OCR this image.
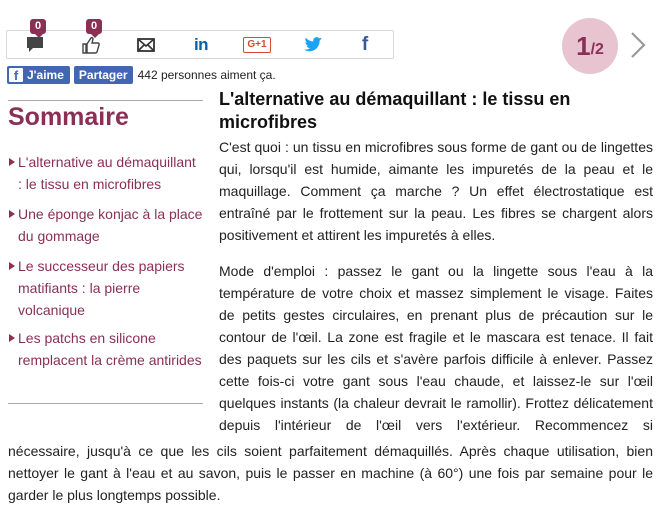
0	0
in	G+1	f	1 /2
f J'aime Partager 442 personnes aiment ça.
Sommaire
L'alternative au démaquillant : le tissu en microfibres
Une éponge konjac à la place du gommage
Le successeur des papiers matifiants : la pierre volcanique
Les patchs en silicone remplacent la crème antirides
L'alternative au démaquillant : le tissu en microfibres

C'est quoi : un tissu en microfibres sous forme de gant ou de lingettes qui, lorsqu'il est humide, aimante les impuretés de la peau et le maquillage. Comment ça marche ? Un effet électrostatique est entraîné par le frottement sur la peau. Les fibres se chargent alors positivement et attirent les impuretés à elles.

Mode d'emploi : passez le gant ou la lingette sous l'eau à la
température de votre choix et massez simplement le visage. Faites
de petits gestes circulaires, en prenant plus de précaution sur le
contour de l'œil. La zone est fragile et le mascara est tenace. Il fait
des paquets sur les cils et s'avère parfois difficile à enlever. Passez
cette fois-ci votre gant sous l'eau chaude, et laissez-le sur l'œil
quelques instants (la chaleur devrait le ramollir). Frottez délicatement
depuis l'intérieur de l'œil vers l'extérieur. Recommencez si
nécessaire, jusqu'à ce que les cils soient parfaitement démaquillés. Après chaque utilisation, bien
nettoyer le gant à l'eau et au savon, puis le passer en machine (à 60°) une fois par semaine pour le
garder le plus longtemps possible.
